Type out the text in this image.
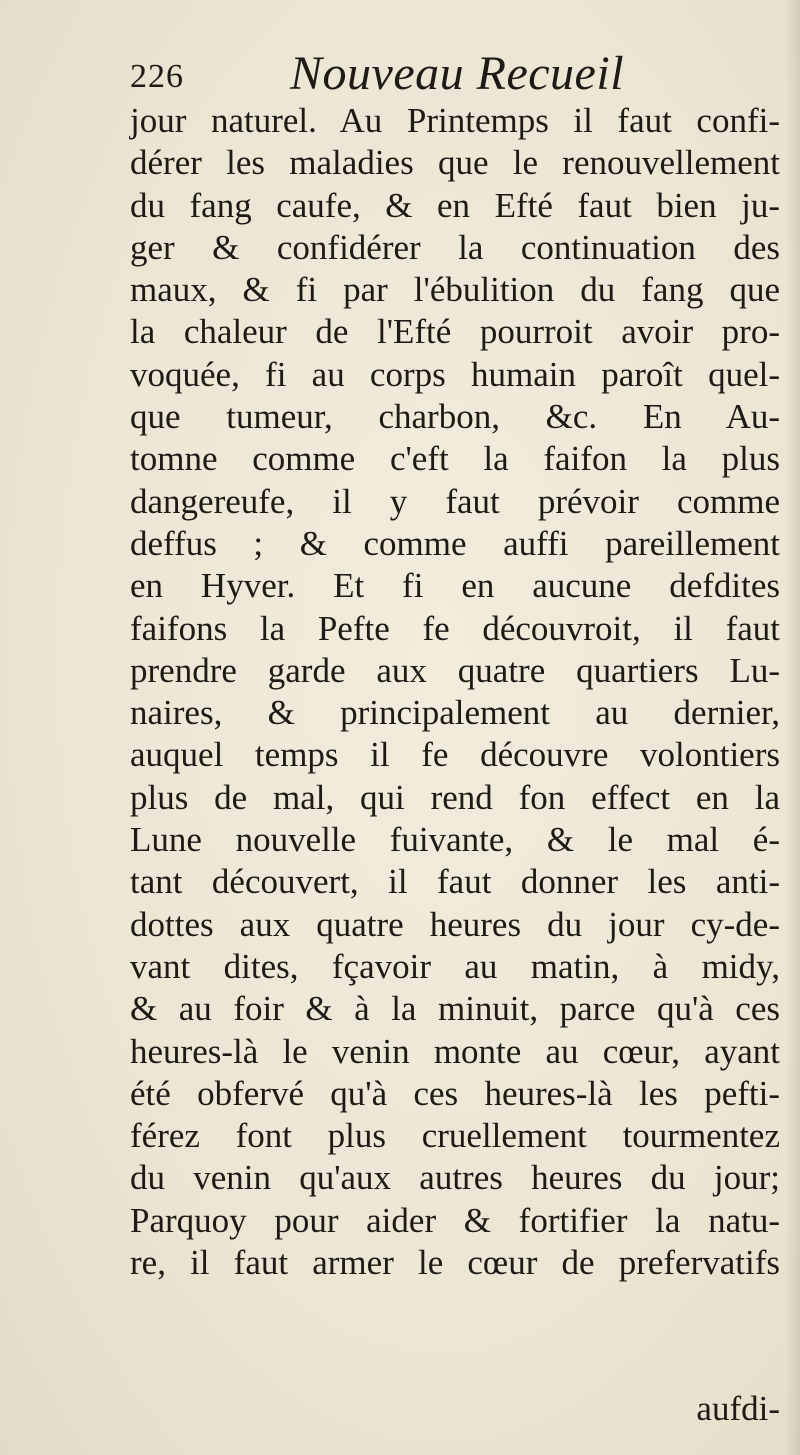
226 Nouveau Recueil
jour naturel. Au Printemps il faut confi-
dérer les maladies que le renouvellement
du fang caufe, & en Efté faut bien ju-
ger & confidérer la continuation des
maux, & fi par l'ébulition du fang que
la chaleur de l'Efté pourroit avoir pro-
voquée, fi au corps humain paroît quel-
que tumeur, charbon, &c. En Au-
tomne comme c'eft la faifon la plus
dangereufe, il y faut prévoir comme
deffus ; & comme auffi pareillement
en Hyver. Et fi en aucune defdites
faifons la Pefte fe découvroit, il faut
prendre garde aux quatre quartiers Lu-
naires, & principalement au dernier,
auquel temps il fe découvre volontiers
plus de mal, qui rend fon effect en la
Lune nouvelle fuivante, & le mal é-
tant découvert, il faut donner les anti-
dottes aux quatre heures du jour cy-de-
vant dites, fçavoir au matin, à midy,
& au foir & à la minuit, parce qu'à ces
heures-là le venin monte au cœur, ayant
été obfervé qu'à ces heures-là les pefti-
férez font plus cruellement tourmentez
du venin qu'aux autres heures du jour;
Parquoy pour aider & fortifier la natu-
re, il faut armer le cœur de prefervatifs
aufdi-
